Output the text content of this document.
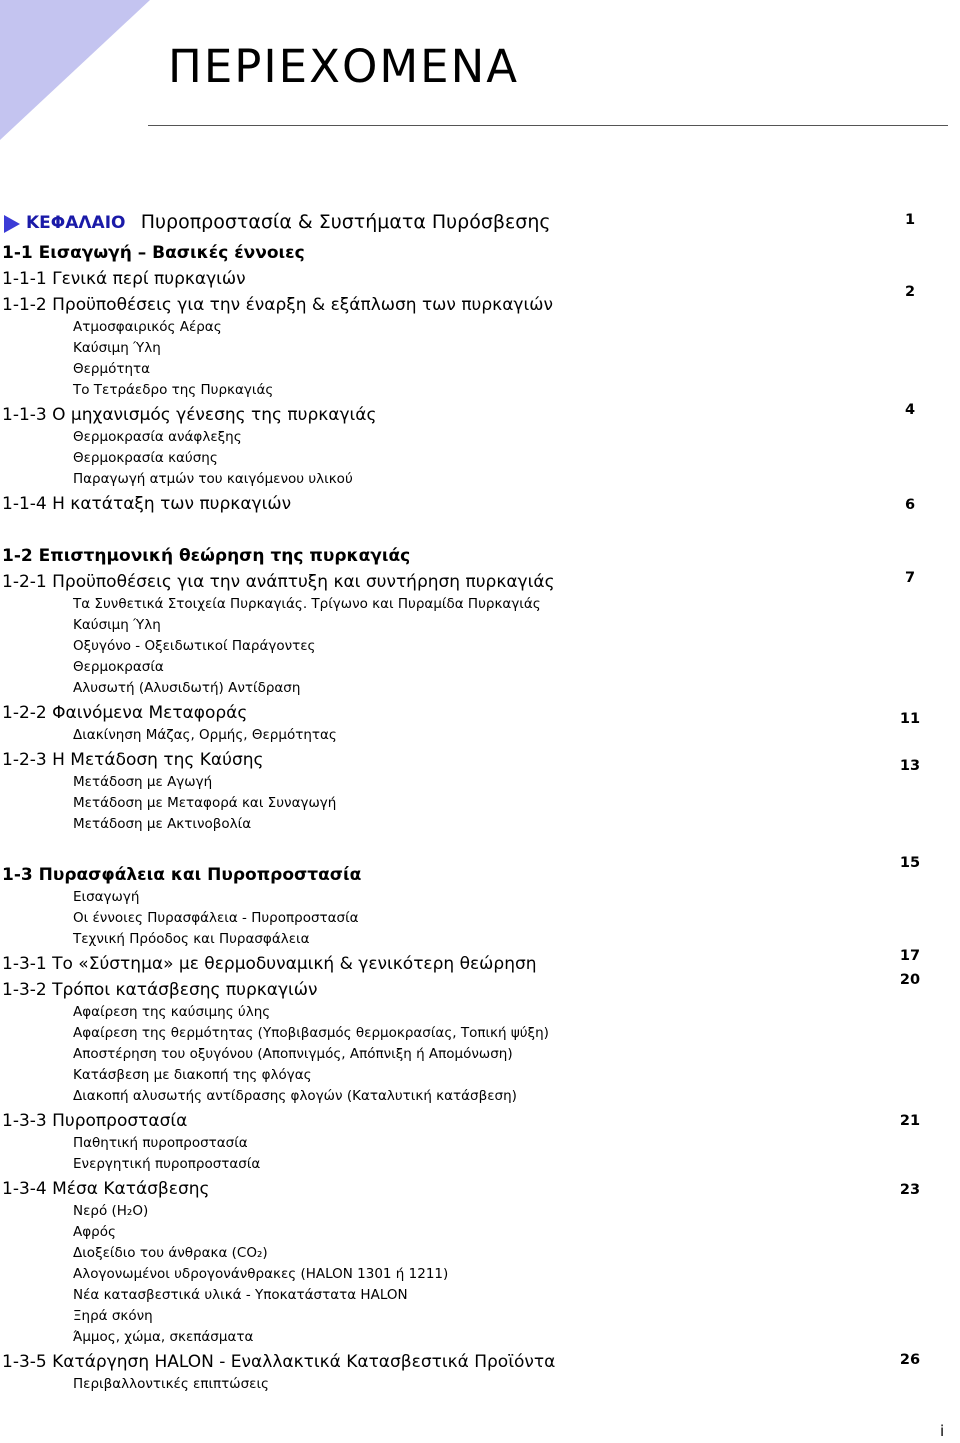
ΠΕΡΙΕΧΟΜΕΝΑ
ΚΕΦΑΛΑΙΟ Πυροπροστασία & Συστήματα Πυρόσβεσης	1
1-1 Εισαγωγή – Βασικές έννοιες
1-1-1 Γενικά περί πυρκαγιών
1-1-2 Προϋποθέσεις για την έναρξη & εξάπλωση των πυρκαγιών
Ατμοσφαιρικός Αέρας
Καύσιμη Ύλη
Θερμότητα
Το Τετράεδρο της Πυρκαγιάς
1-1-3 Ο μηχανισμός γένεσης της πυρκαγιάς
Θερμοκρασία ανάφλεξης
Θερμοκρασία καύσης
Παραγωγή ατμών του καιγόμενου υλικού
1-1-4 Η κατάταξη των πυρκαγιών
1-2 Επιστημονική θεώρηση της πυρκαγιάς
1-2-1 Προϋποθέσεις για την ανάπτυξη και συντήρηση πυρκαγιάς
Τα Συνθετικά Στοιχεία Πυρκαγιάς. Τρίγωνο και Πυραμίδα Πυρκαγιάς
Καύσιμη Ύλη
Οξυγόνο - Οξειδωτικοί Παράγοντες
Θερμοκρασία
Αλυσωτή (Αλυσιδωτή) Αντίδραση
1-2-2 Φαινόμενα Μεταφοράς
Διακίνηση Μάζας, Ορμής, Θερμότητας
1-2-3 Η Μετάδοση της Καύσης
Μετάδοση με Αγωγή
Μετάδοση με Μεταφορά και Συναγωγή
Μετάδοση με Ακτινοβολία
1-3 Πυρασφάλεια και Πυροπροστασία
Εισαγωγή
Οι έννοιες Πυρασφάλεια - Πυροπροστασία
Τεχνική Πρόοδος και Πυρασφάλεια
1-3-1 Το «Σύστημα» με θερμοδυναμική & γενικότερη θεώρηση
1-3-2 Τρόποι κατάσβεσης πυρκαγιών
Αφαίρεση της καύσιμης ύλης
Αφαίρεση της θερμότητας (Υποβιβασμός θερμοκρασίας, Τοπική ψύξη)
Αποστέρηση του οξυγόνου (Αποπνιγμός, Απόπνιξη ή Απομόνωση)
Κατάσβεση με διακοπή της φλόγας
Διακοπή αλυσωτής αντίδρασης φλογών (Καταλυτική κατάσβεση)
1-3-3 Πυροπροστασία
Παθητική πυροπροστασία
Ενεργητική πυροπροστασία
1-3-4 Μέσα Κατάσβεσης
Νερό (H₂O)
Αφρός
Διοξείδιο του άνθρακα (CO₂)
Αλογονωμένοι υδρογονάνθρακες (HALON 1301 ή 1211)
Νέα κατασβεστικά υλικά - Υποκατάστατα HALON
Ξηρά σκόνη
Άμμος, χώμα, σκεπάσματα
1-3-5 Κατάργηση HALON - Εναλλακτικά Κατασβεστικά Προϊόντα
Περιβαλλοντικές επιπτώσεις
2
4
6
7
11
13
15
17
20
21
23
26
i
